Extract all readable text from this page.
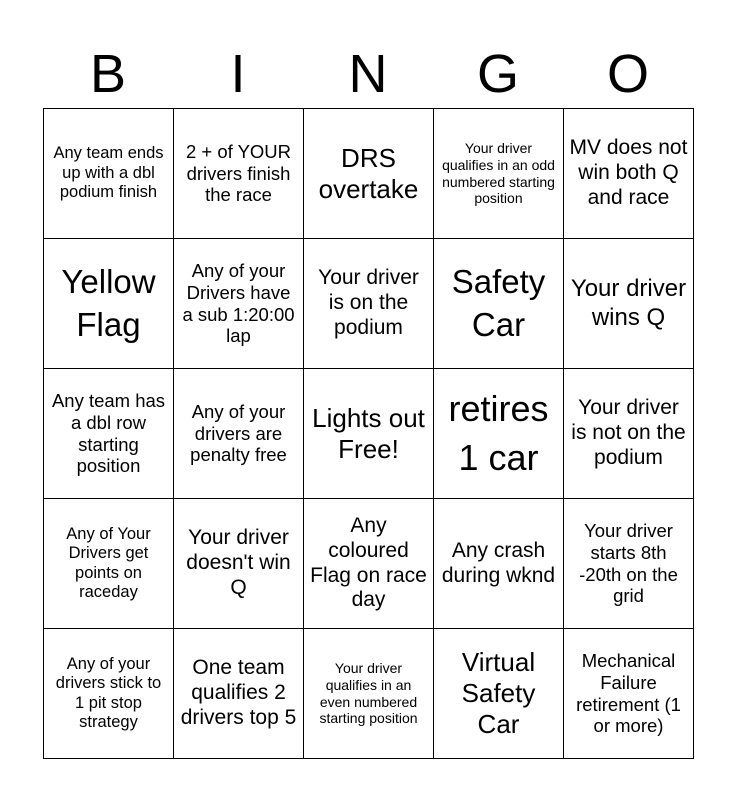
B	I	N	G	O
Any team ends up with a dbl podium finish	2 + of YOUR drivers finish the race	DRS overtake	Your driver qualifies in an odd numbered starting position	MV does not win both Q and race

Yellow Flag	Any of your Drivers have a sub 1:20:00 lap	Your driver is on the podium	Safety Car	Your driver wins Q

Any team has a dbl row starting position	Any of your drivers are penalty free	Lights out Free!	retires 1 car	Your driver is not on the podium

Any of Your Drivers get points on raceday	Your driver doesn't win Q	Any coloured Flag on race day	Any crash during wknd	Your driver starts 8th -20th on the grid

Any of your drivers stick to 1 pit stop strategy	One team qualifies 2 drivers top 5	Your driver qualifies in an even numbered starting position	Virtual Safety Car	Mechanical Failure retirement (1 or more)
